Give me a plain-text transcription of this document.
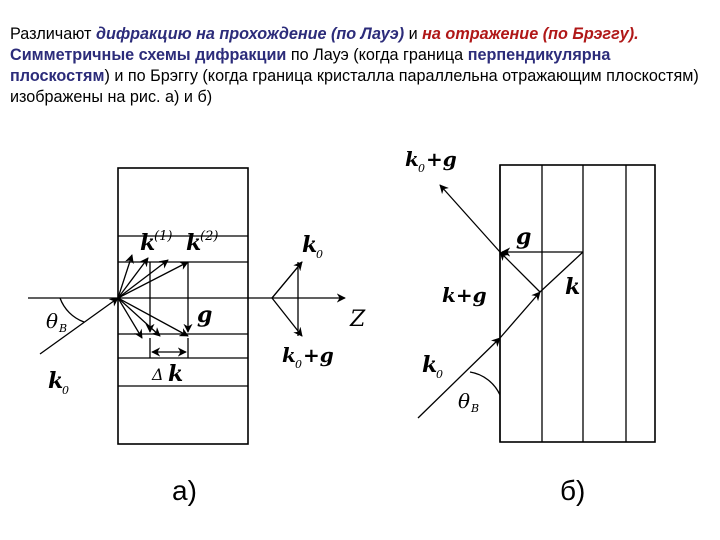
Различают дифракцию на прохождение (по Лауэ) и на отражение (по Брэггу). Симметричные схемы дифракции по Лауэ (когда граница перпендикулярна плоскостям) и по Брэггу (когда граница кристалла параллельна отражающим плоскостям) изображены на рис. а) и б)

k
(1) k
(2)
g
Δ k
θ B
k
0
k
0
k 0 +g
Z
а)
k 0 +g
g
k+g	k
k
0
θ B
б)
